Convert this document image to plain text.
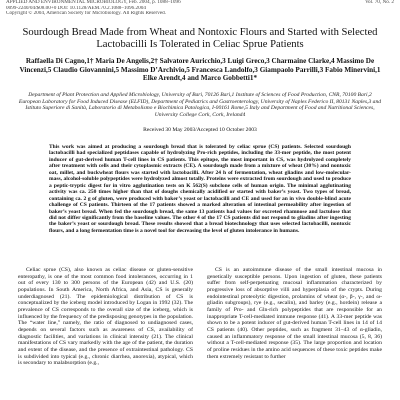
APPLIED AND ENVIRONMENTAL MICROBIOLOGY, Feb. 2004, p. 1088–1096
0099-2240/04/$08.00+0 DOI: 10.1128/AEM.70.2.1088–1096.2004
Copyright © 2004, American Society for Microbiology. All Rights Reserved.
Vol. 70, No. 2
Sourdough Bread Made from Wheat and Nontoxic Flours and Started with Selected Lactobacilli Is Tolerated in Celiac Sprue Patients
Raffaella Di Cagno,1† Maria De Angelis,2† Salvatore Auricchio,3 Luigi Greco,3 Charmaine Clarke,4 Massimo De Vincenzi,5 Claudio Giovannini,5 Massimo D’Archivio,5 Francesca Landolfo,3 Giampaolo Parrilli,3 Fabio Minervini,1 Elke Arendt,4 and Marco Gobbetti1*
Department of Plant Protection and Applied Microbiology, University of Bari, 70126 Bari,1 Institute of Sciences of Food Production, CNR, 70100 Bari,2 European Laboratory for Food Induced Disease (ELFID), Department of Pediatrics and Gastroenterology, University of Naples Federico II, 80131 Naples,3 and Istituto Superiore di Sanità, Laboratorio di Metabolismo e Biochimica Patologica, I-00161 Rome,5 Italy and Department of Food and Nutritional Sciences, University College Cork, Cork, Ireland4
Received 30 May 2003/Accepted 10 October 2003
This work was aimed at producing a sourdough bread that is tolerated by celiac sprue (CS) patients. Selected sourdough lactobacilli had specialized peptidases capable of hydrolyzing Pro-rich peptides, including the 33-mer peptide, the most potent inducer of gut-derived human T-cell lines in CS patients. This epitope, the most important in CS, was hydrolyzed completely after treatment with cells and their cytoplasmic extracts (CE). A sourdough made from a mixture of wheat (30%) and nontoxic oat, millet, and buckwheat flours was started with lactobacilli. After 24 h of fermentation, wheat gliadins and low-molecular-mass, alcohol-soluble polypeptides were hydrolyzed almost totally. Proteins were extracted from sourdough and used to produce a peptic-tryptic digest for in vitro agglutination tests on K 562(S) subclone cells of human origin. The minimal agglutinating activity was ca. 250 times higher than that of doughs chemically acidified or started with baker’s yeast. Two types of bread, containing ca. 2 g of gluten, were produced with baker’s yeast or lactobacilli and CE and used for an in vivo double-blind acute challenge of CS patients. Thirteen of the 17 patients showed a marked alteration of intestinal permeability after ingestion of baker’s yeast bread. When fed the sourdough bread, the same 13 patients had values for excreted rhamnose and lactulose that did not differ significantly from the baseline values. The other 4 of the 17 CS patients did not respond to gliadins after ingesting the baker’s yeast or sourdough bread. These results showed that a bread biotechnology that uses selected lactobacilli, nontoxic flours, and a long fermentation time is a novel tool for decreasing the level of gluten intolerance in humans.

Celiac sprue (CS), also known as celiac disease or gluten-sensitive enteropathy, is one of the most common food intolerances, occurring in 1 out of every 130 to 300 persons of the European (42) and U.S. (20) populations. In South America, North Africa, and Asia, CS is generally underdiagnosed (21). The epidemiological distribution of CS is conceptualized by the iceberg model introduced by Logan in 1992 (32). The prevalence of CS corresponds to the overall size of the iceberg, which is influenced by the frequency of the predisposing genotypes in the population. The “water line,” namely, the ratio of diagnosed to undiagnosed cases, depends on several factors such as awareness of CS, availability of diagnostic facilities, and variations in clinical intensity (21). The clinical manifestations of CS vary markedly with the age of the patient, the duration and extent of the disease, and the presence of extraintestinal pathology. CS is subdivided into typical (e.g., chronic diarrhea, anorexia), atypical, which is secondary to malabsorption (e.g.,

CS is an autoimmune disease of the small intestinal mucosa in genetically susceptible persons. Upon ingestion of gluten, these patients suffer from self-perpetuating mucosal inflammation characterized by progressive loss of absorptive villi and hyperplasia of the crypts. During endointestinal proteolytic digestion, prolamins of wheat (α-, β-, γ-, and ω-gliadin subgroups), rye (e.g., secalin), and barley (e.g., hordein) release a family of Pro- and Gln-rich polypeptides that are responsible for an inappropriate T-cell-mediated immune response (41). A 33-mer peptide was shown to be a potent inducer of gut-derived human T-cell lines in 14 of 14 CS patients (40). Other peptides, such as fragment 31–43 of α-gliadin, caused an inflammatory response of the small intestinal mucosa (5, 8, 36) without a T-cell-mediated response (35). The large proportion and location of proline residues in the amino acid sequences of these toxic peptides make them extremely resistant to further
